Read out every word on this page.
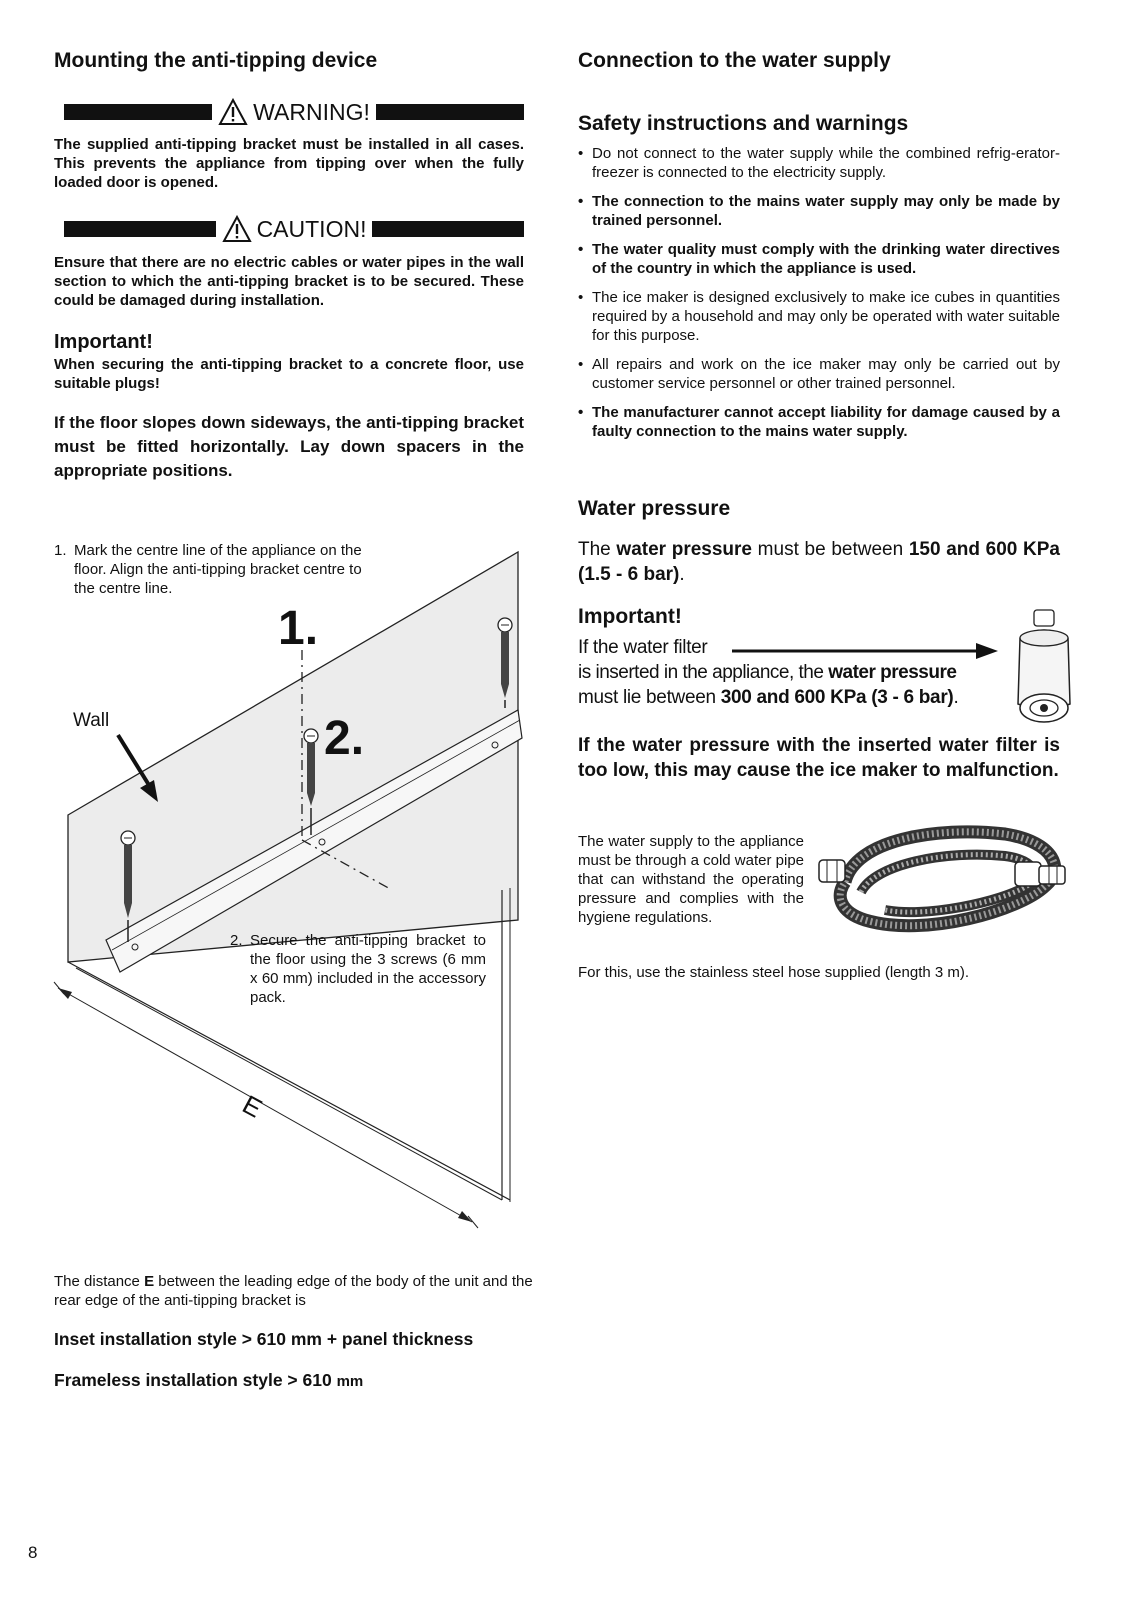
Mounting the anti-tipping device
WARNING!

The supplied anti-tipping bracket must be installed in all cases. This prevents the appliance from tipping over when the fully loaded door is opened.

CAUTION!

Ensure that there are no electric cables or water pipes in the wall section to which the anti-tipping bracket is to be secured. These could be damaged during installation.

Important!

When securing the anti-tipping bracket to a concrete floor, use suitable plugs!

If the floor slopes down sideways, the anti-tipping bracket must be fitted horizontally. Lay down spacers in the appropriate positions.

1. Mark the centre line of the appliance on the floor. Align the anti-tipping bracket centre to the centre line.
Wall
1.
2.
E
2. Secure the anti-tipping bracket to the floor using the 3 screws (6 mm x 60 mm) included in the accessory pack.

The distance E between the leading edge of the body of the unit and the rear edge of the anti-tipping bracket is

Inset installation style > 610 mm + panel thickness

Frameless installation style > 610 mm

Connection to the water supply
Safety instructions and warnings
• Do not connect to the water supply while the combined refrig-erator-freezer is connected to the electricity supply.
• The connection to the mains water supply may only be made by trained personnel.
• The water quality must comply with the drinking water directives of the country in which the appliance is used.
• The ice maker is designed exclusively to make ice cubes in quantities required by a household and may only be operated with water suitable for this purpose.
• All repairs and work on the ice maker may only be carried out by customer service personnel or other trained personnel.
• The manufacturer cannot accept liability for damage caused by a faulty connection to the mains water supply.
Water pressure

The water pressure must be between 150 and 600 KPa (1.5 - 6 bar).

Important!

If the water filter

is inserted in the appliance, the water pressure

must lie between 300 and 600 KPa (3 - 6 bar).

If the water pressure with the inserted water filter is too low, this may cause the ice maker to malfunction.

The water supply to the appliance must be through a cold water pipe that can withstand the operating pressure and complies with the hygiene regulations.

For this, use the stainless steel hose supplied (length 3 m).

8
